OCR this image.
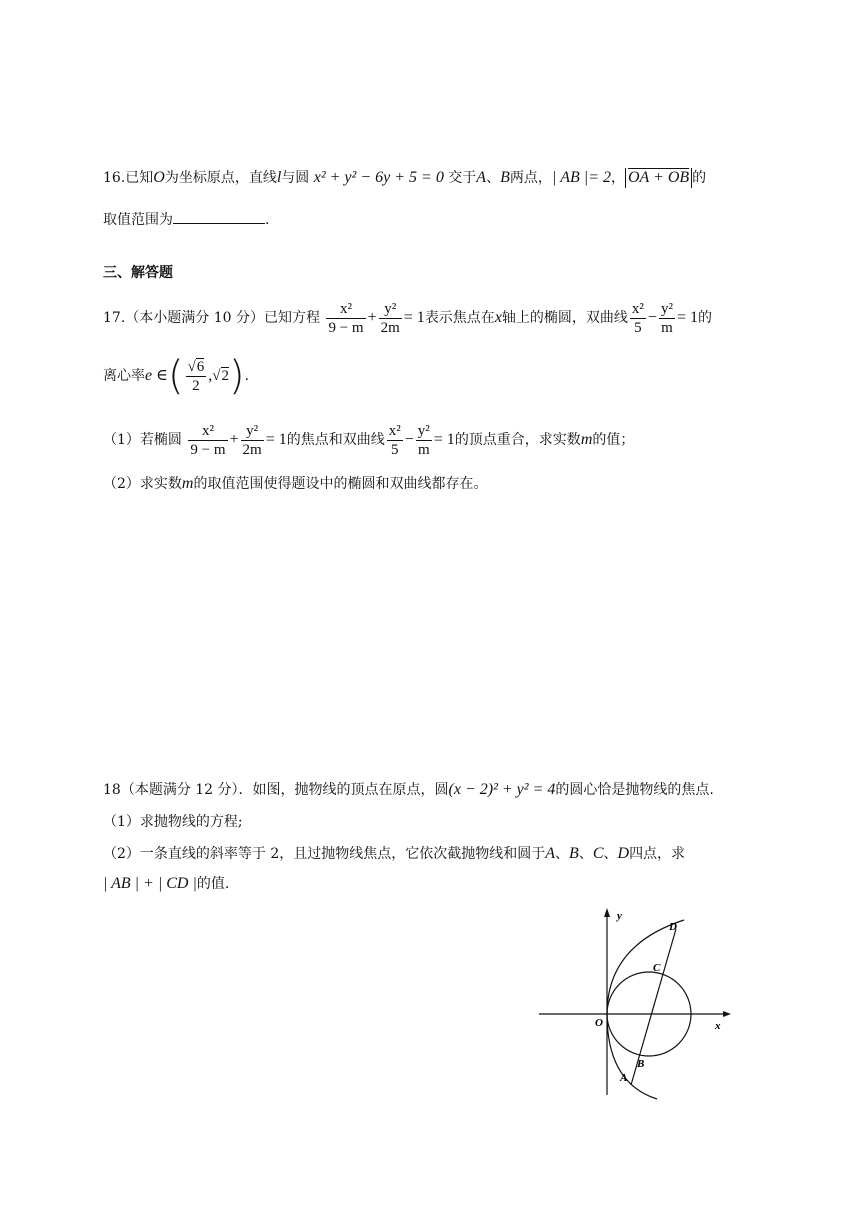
16.已知O为坐标原点，直线l与圆 x² + y² − 6y + 5 = 0 交于A、B两点，| AB |= 2， OA + OB 的
取值范围为	.
三、解答题
17.（本小题满分 10 分）已知方程 $\frac{\text{x²}}{9 - m} + \frac{\text{y²}}{2m} = 1$表示焦点在x轴上的椭圆，双曲线 $\frac{\text{x²}}{5} - \frac{\text{y²}}{m} = 1$的
离心率e ∈( $\frac{√6}{2} ,√2$).
（1）若椭圆 $\frac{\text{x²}}{9 - m} + \frac{\text{y²}}{2m} = 1$的焦点和双曲线 $\frac{\text{x²}}{5} - \frac{\text{y²}}{m} = 1$的顶点重合，求实数m的值；
（2）求实数m的取值范围使得题设中的椭圆和双曲线都存在。
18（本题满分 12 分）．如图，抛物线的顶点在原点，圆(x − 2)² + y² = 4的圆心恰是抛物线的焦点.
（1）求抛物线的方程;
（2）一条直线的斜率等于 2，且过抛物线焦点，它依次截抛物线和圆于A、B、C、D四点，求
| AB | + | CD |的值.
y
x
O
A
B
C
D
